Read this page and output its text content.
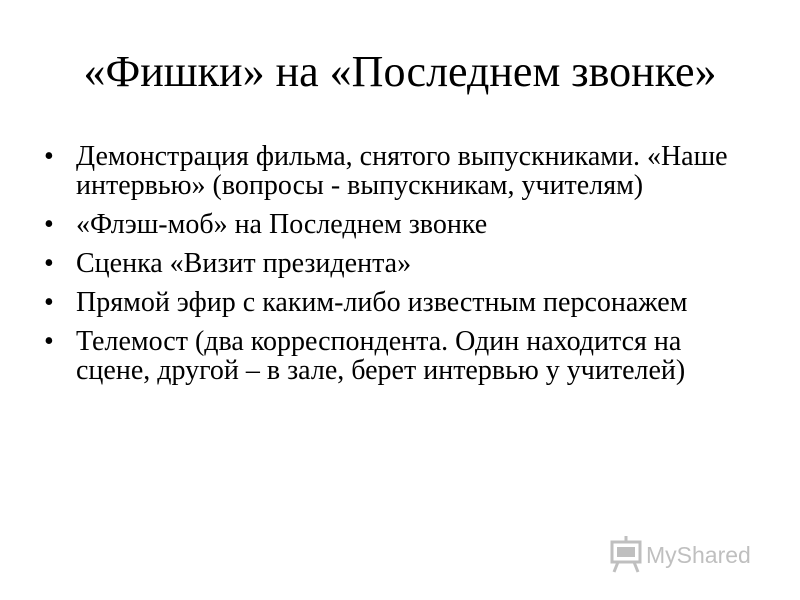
«Фишки» на «Последнем звонке»
• Демонстрация фильма, снятого выпускниками. «Наше интервью» (вопросы - выпускникам, учителям)
• «Флэш-моб» на Последнем звонке
• Сценка «Визит президента»
• Прямой эфир с каким-либо известным персонажем
• Телемост (два корреспондента. Один находится на сцене, другой – в зале, берет интервью у учителей)
MyShared
